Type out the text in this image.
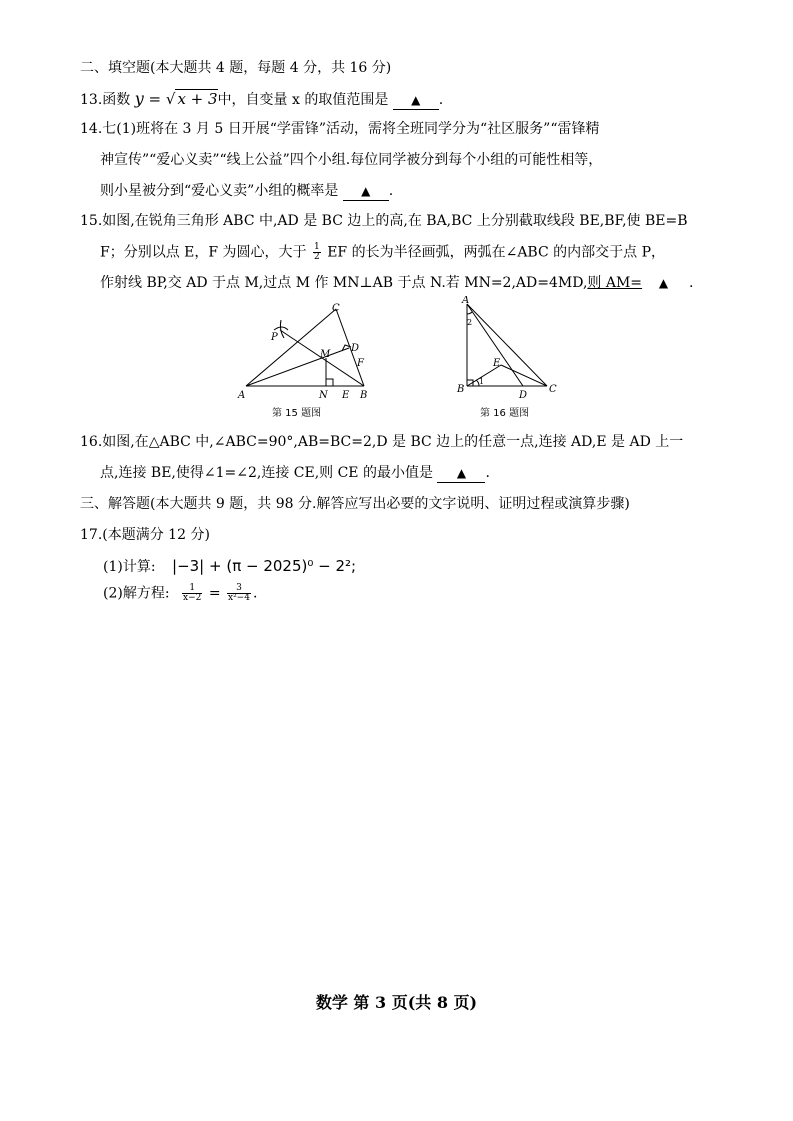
二、填空题(本大题共 4 题，每题 4 分，共 16 分)
13.函数 y = √ x + 3中，自变量 x 的取值范围是 ▲ .
14.七(1)班将在 3 月 5 日开展“学雷锋”活动，需将全班同学分为“社区服务”“雷锋精
神宣传”“爱心义卖”“线上公益”四个小组.每位同学被分到每个小组的可能性相等，
则小星被分到“爱心义卖”小组的概率是 ▲ .
15.如图,在锐角三角形 ABC 中,AD 是 BC 边上的高,在 BA,BC 上分别截取线段 BE,BF,使 BE=B
F；分别以点 E，F 为圆心，大于 $\frac{1}{2}$ EF 的长为半径画弧，两弧在∠ABC 的内部交于点 P，
作射线 BP,交 AD 于点 M,过点 M 作 MN⊥AB 于点 N.若 MN=2,AD=4MD,则 AM= ▲ .
A	B
C
D
E
F
M
N
P
第 15 题图
A
B	C
D
E
1
2
第 16 题图
16.如图,在△ABC 中,∠ABC=90°,AB=BC=2,D 是 BC 边上的任意一点,连接 AD,E 是 AD 上一
点,连接 BE,使得∠1=∠2,连接 CE,则 CE 的最小值是 ▲ .
三、解答题(本大题共 9 题，共 98 分.解答应写出必要的文字说明、证明过程或演算步骤)
17.(本题满分 12 分)
(1)计算: |−3| + (π − 2025)⁰ − 2²;
(2)解方程: $\frac{1}{x-2} = \frac{3}{\text{x²−4}}$ .
数学 第 3 页(共 8 页)
